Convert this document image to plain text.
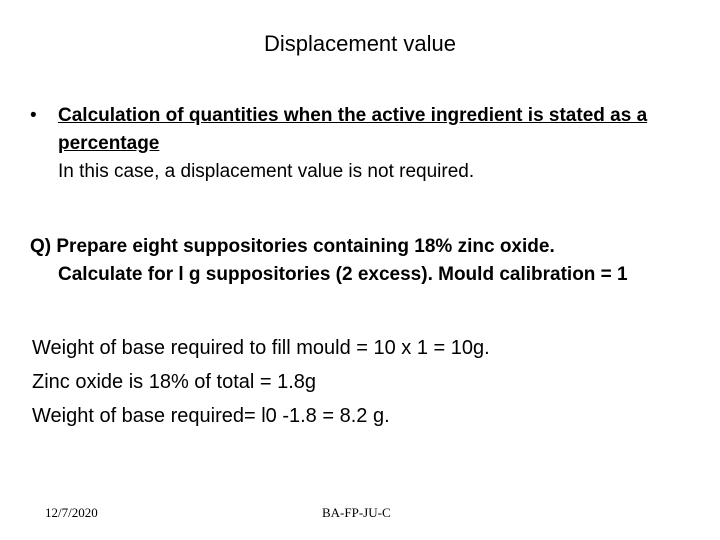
Displacement value
• Calculation of quantities when the active ingredient is stated as a percentage
In this case, a displacement value is not required.
Q) Prepare eight suppositories containing 18% zinc oxide.
Calculate for l g suppositories (2 excess). Mould calibration = 1
Weight of base required to fill mould = 10 x 1 = 10g.
Zinc oxide is 18% of total = 1.8g
Weight of base required= l0 -1.8 = 8.2 g.
12/7/2020	BA-FP-JU-C
